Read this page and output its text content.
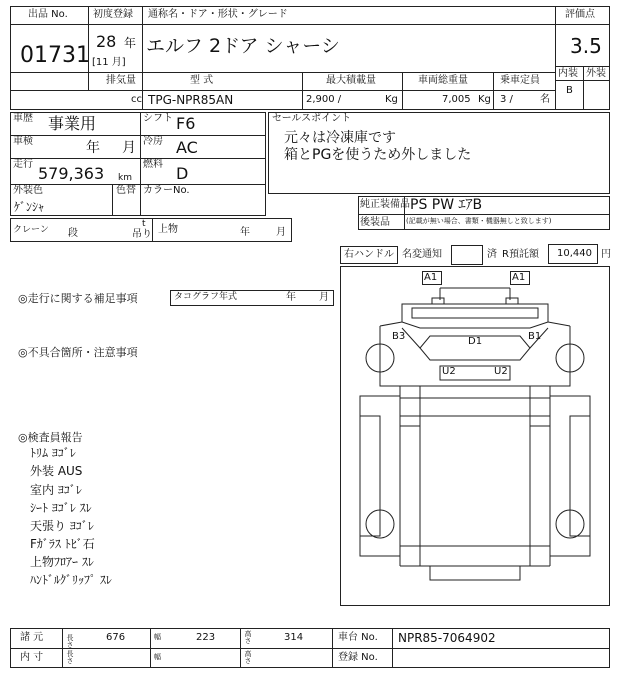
出品 No.	初度登録 通称名・ドア・形状・グレード	評価点
01731
28 年
[11 月]
エルフ 2ドア シャーシ	3.5
内装 外装
B
排気量	型 式	最大積載量	車両総重量	乗車定員
cc TPG-NPR85AN	2,900 /	Kg	7,005 Kg 3 /	名
車歴 事業用	シフト F6
車検	年 月 冷房 AC
走行 579,363 km
燃料 D
外装色
ｹﾞﾝｼｬ
色替 カラーNo.
セールスポイント
元々は冷凍庫です
箱とPGを使うため外しました
純正装備品 PS PW ｴｱB
後装品 (記載が無い場合、書類・機器無しと致します)
クレーン 段
t
吊り 上物	年	月
右ハンドル 名変通知	済 R預託額 10,440 円
◎走行に関する補足事項	タコグラフ年式	年 月
◎不具合箇所・注意事項
◎検査員報告
ﾄﾘﾑ ﾖｺﾞﾚ
外装 AUS
室内 ﾖｺﾞﾚ
ｼｰﾄ ﾖｺﾞﾚ ｽﾚ
天張り ﾖｺﾞﾚ
Fｶﾞﾗｽ ﾄﾋﾞ石
上物ﾌﾛｱｰ ｽﾚ
ﾊﾝﾄﾞﾙｸﾞﾘｯﾌﾟ ｽﾚ
A1	A1
B3	D1	B1
U2	U2
諸 元	長さ	676	幅	223	高さ	314	車台 No. NPR85-7064902
内 寸	長さ	幅	高さ	登録 No.
